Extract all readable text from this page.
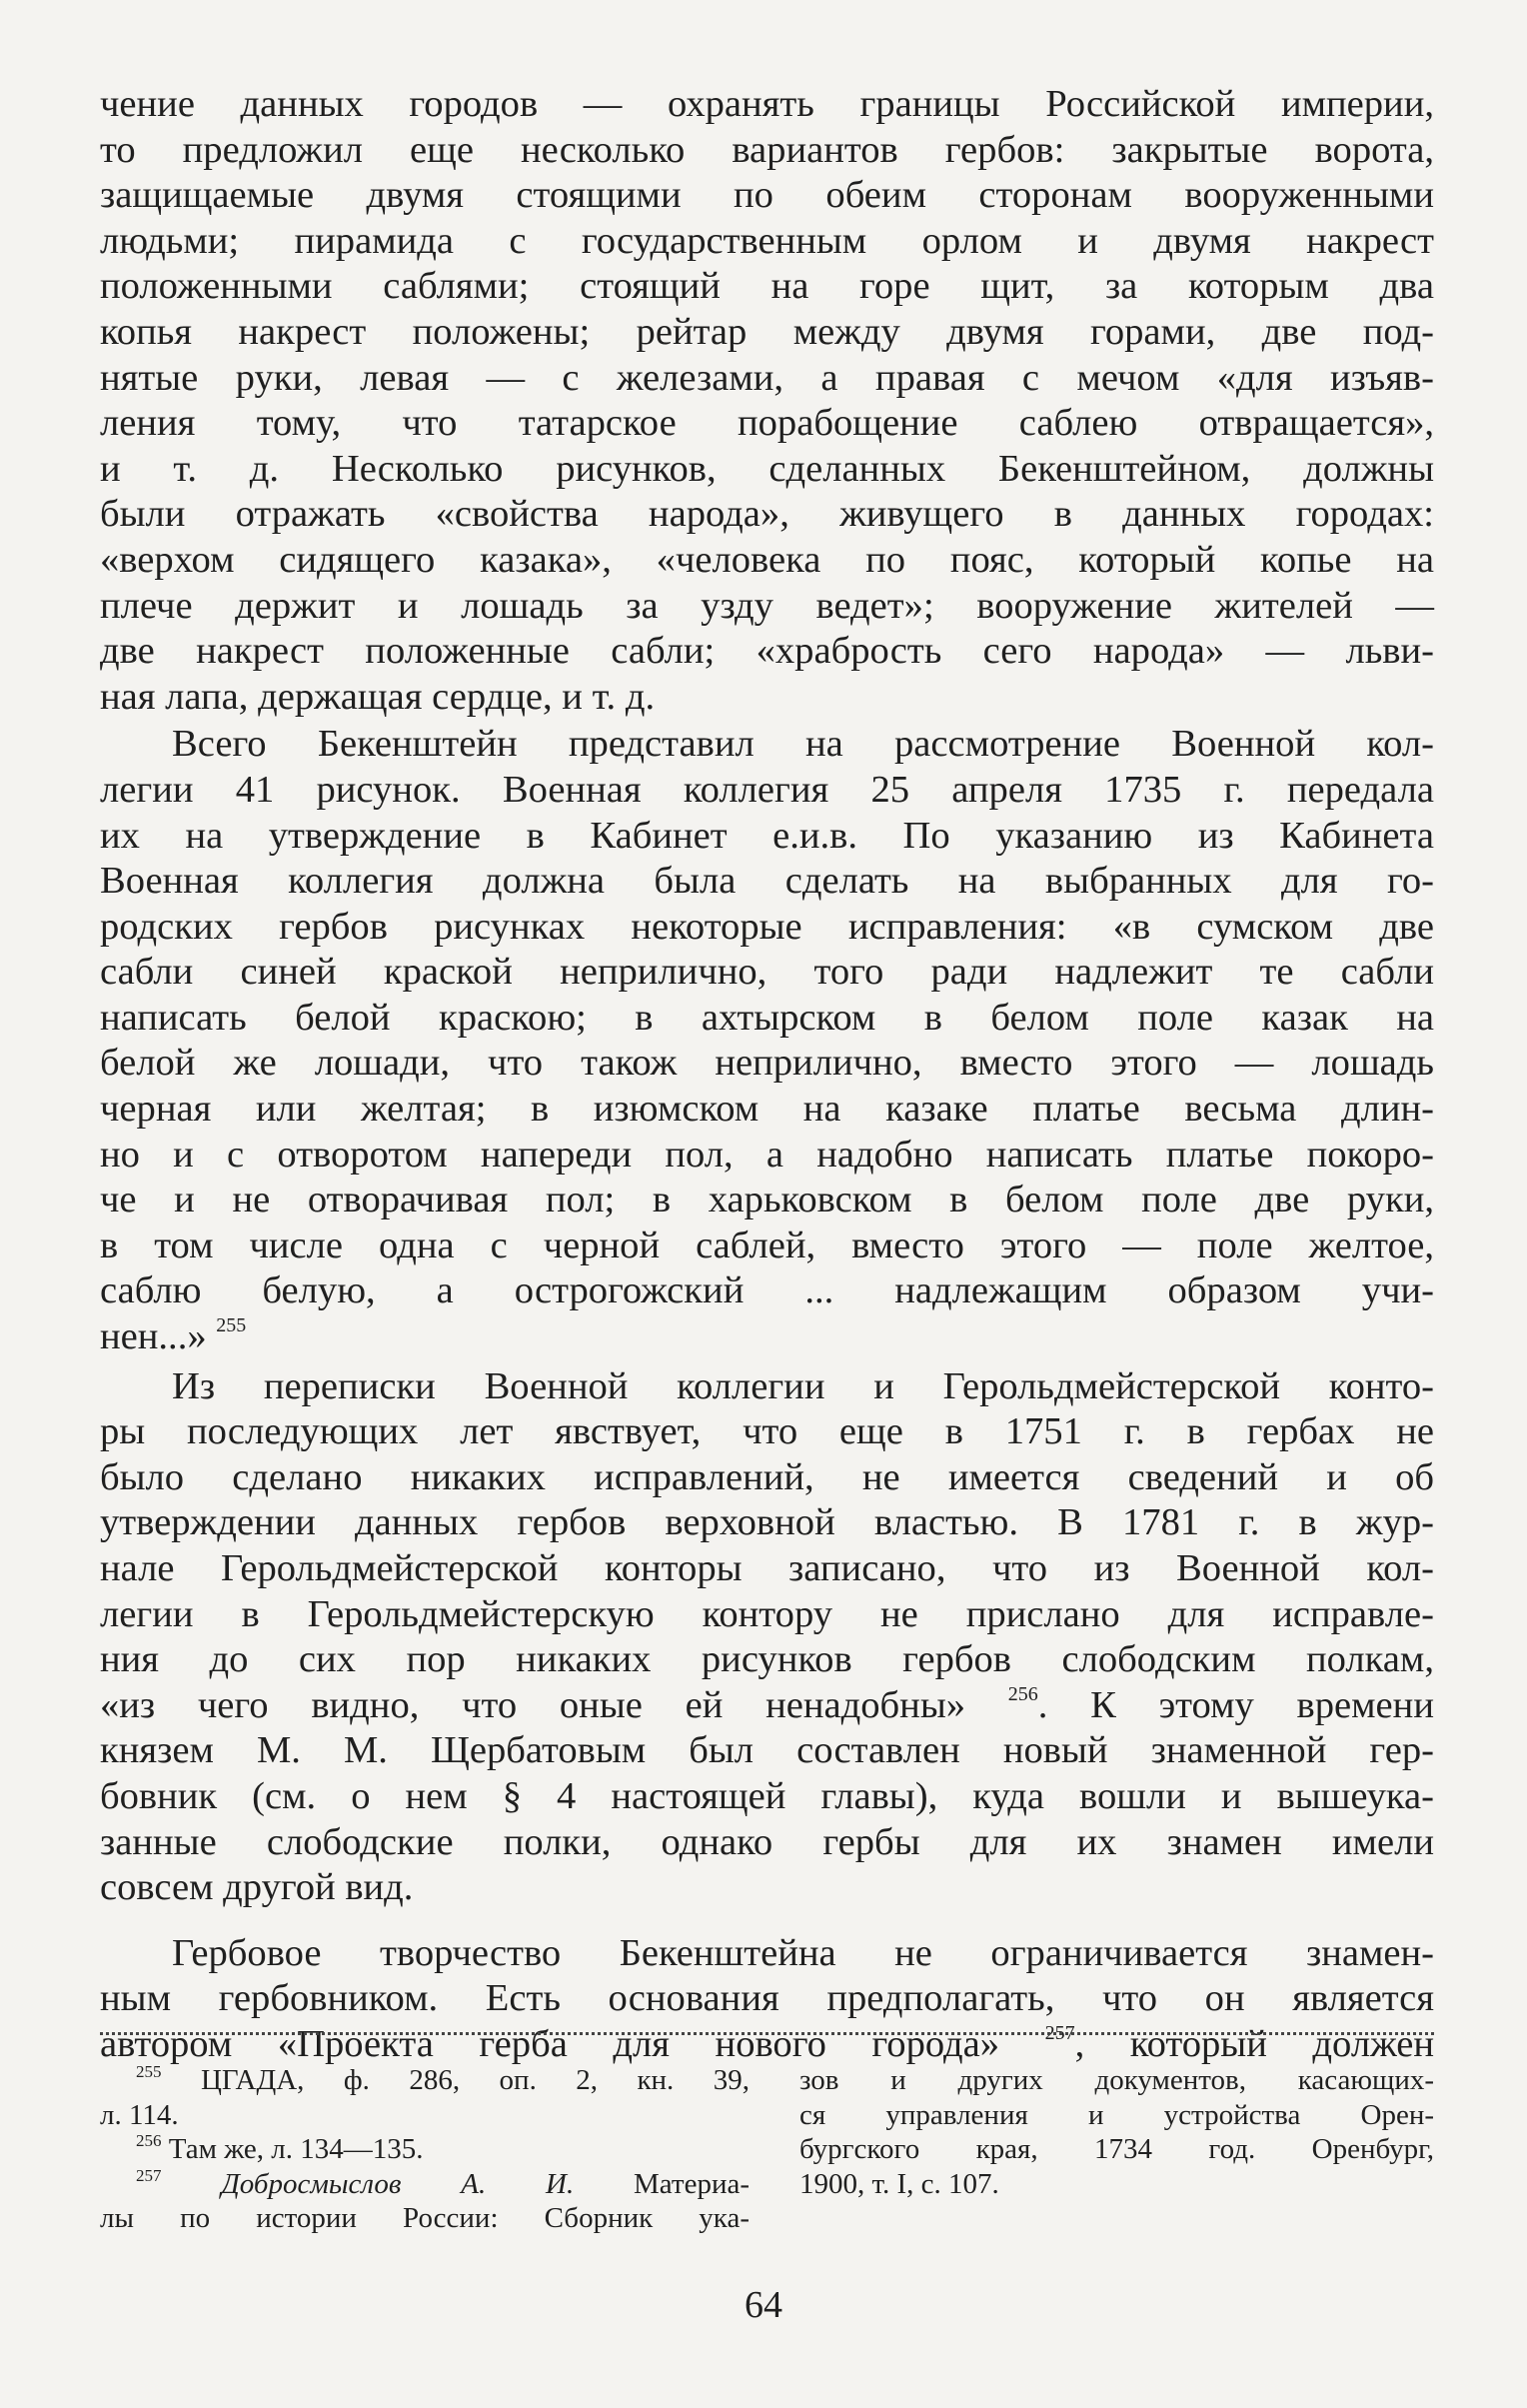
чение данных городов — охранять границы Российской империи,
то предложил еще несколько вариантов гербов: закрытые ворота,
защищаемые двумя стоящими по обеим сторонам вооруженными
людьми; пирамида с государственным орлом и двумя накрест
положенными саблями; стоящий на горе щит, за которым два
копья накрест положены; рейтар между двумя горами, две под-
нятые руки, левая — с железами, а правая с мечом «для изъяв-
ления тому, что татарское порабощение саблею отвращается»,
и т. д. Несколько рисунков, сделанных Бекенштейном, должны
были отражать «свойства народа», живущего в данных городах:
«верхом сидящего казака», «человека по пояс, который копье на
плече держит и лошадь за узду ведет»; вооружение жителей —
две накрест положенные сабли; «храбрость сего народа» — льви-
ная лапа, держащая сердце, и т. д.

Всего Бекенштейн представил на рассмотрение Военной кол-
легии 41 рисунок. Военная коллегия 25 апреля 1735 г. передала
их на утверждение в Кабинет е.и.в. По указанию из Кабинета
Военная коллегия должна была сделать на выбранных для го-
родских гербов рисунках некоторые исправления: «в сумском две
сабли синей краской неприлично, того ради надлежит те сабли
написать белой краскою; в ахтырском в белом поле казак на
белой же лошади, что також неприлично, вместо этого — лошадь
черная или желтая; в изюмском на казаке платье весьма длин-
но и с отворотом напереди пол, а надобно написать платье покоро-
че и не отворачивая пол; в харьковском в белом поле две руки,
в том числе одна с черной саблей, вместо этого — поле желтое,
саблю белую, а острогожский ... надлежащим образом учи-
нен...» $^{255}$

Из переписки Военной коллегии и Герольдмейстерской конто-
ры последующих лет явствует, что еще в 1751 г. в гербах не
было сделано никаких исправлений, не имеется сведений и об
утверждении данных гербов верховной властью. В 1781 г. в жур-
нале Герольдмейстерской конторы записано, что из Военной кол-
легии в Герольдмейстерскую контору не прислано для исправле-
ния до сих пор никаких рисунков гербов слободским полкам,
«из чего видно, что оные ей ненадобны» $^{256}$. К этому времени
князем М. М. Щербатовым был составлен новый знаменной гер-
бовник (см. о нем § 4 настоящей главы), куда вошли и вышеука-
занные слободские полки, однако гербы для их знамен имели
совсем другой вид.

Гербовое творчество Бекенштейна не ограничивается знамен-
ным гербовником. Есть основания предполагать, что он является
автором «Проекта герба для нового города» $^{257}$, который должен

$^{255}$ ЦГАДА, ф. 286, оп. 2, кн. 39,
л. 114.
$^{256}$ Там же, л. 134—135.
$^{257}$ Добросмыслов А. И. Материа-
лы по истории России: Сборник ука-
зов и других документов, касающих-
ся управления и устройства Орен-
бургского края, 1734 год. Оренбург,
1900, т. I, с. 107.
64
